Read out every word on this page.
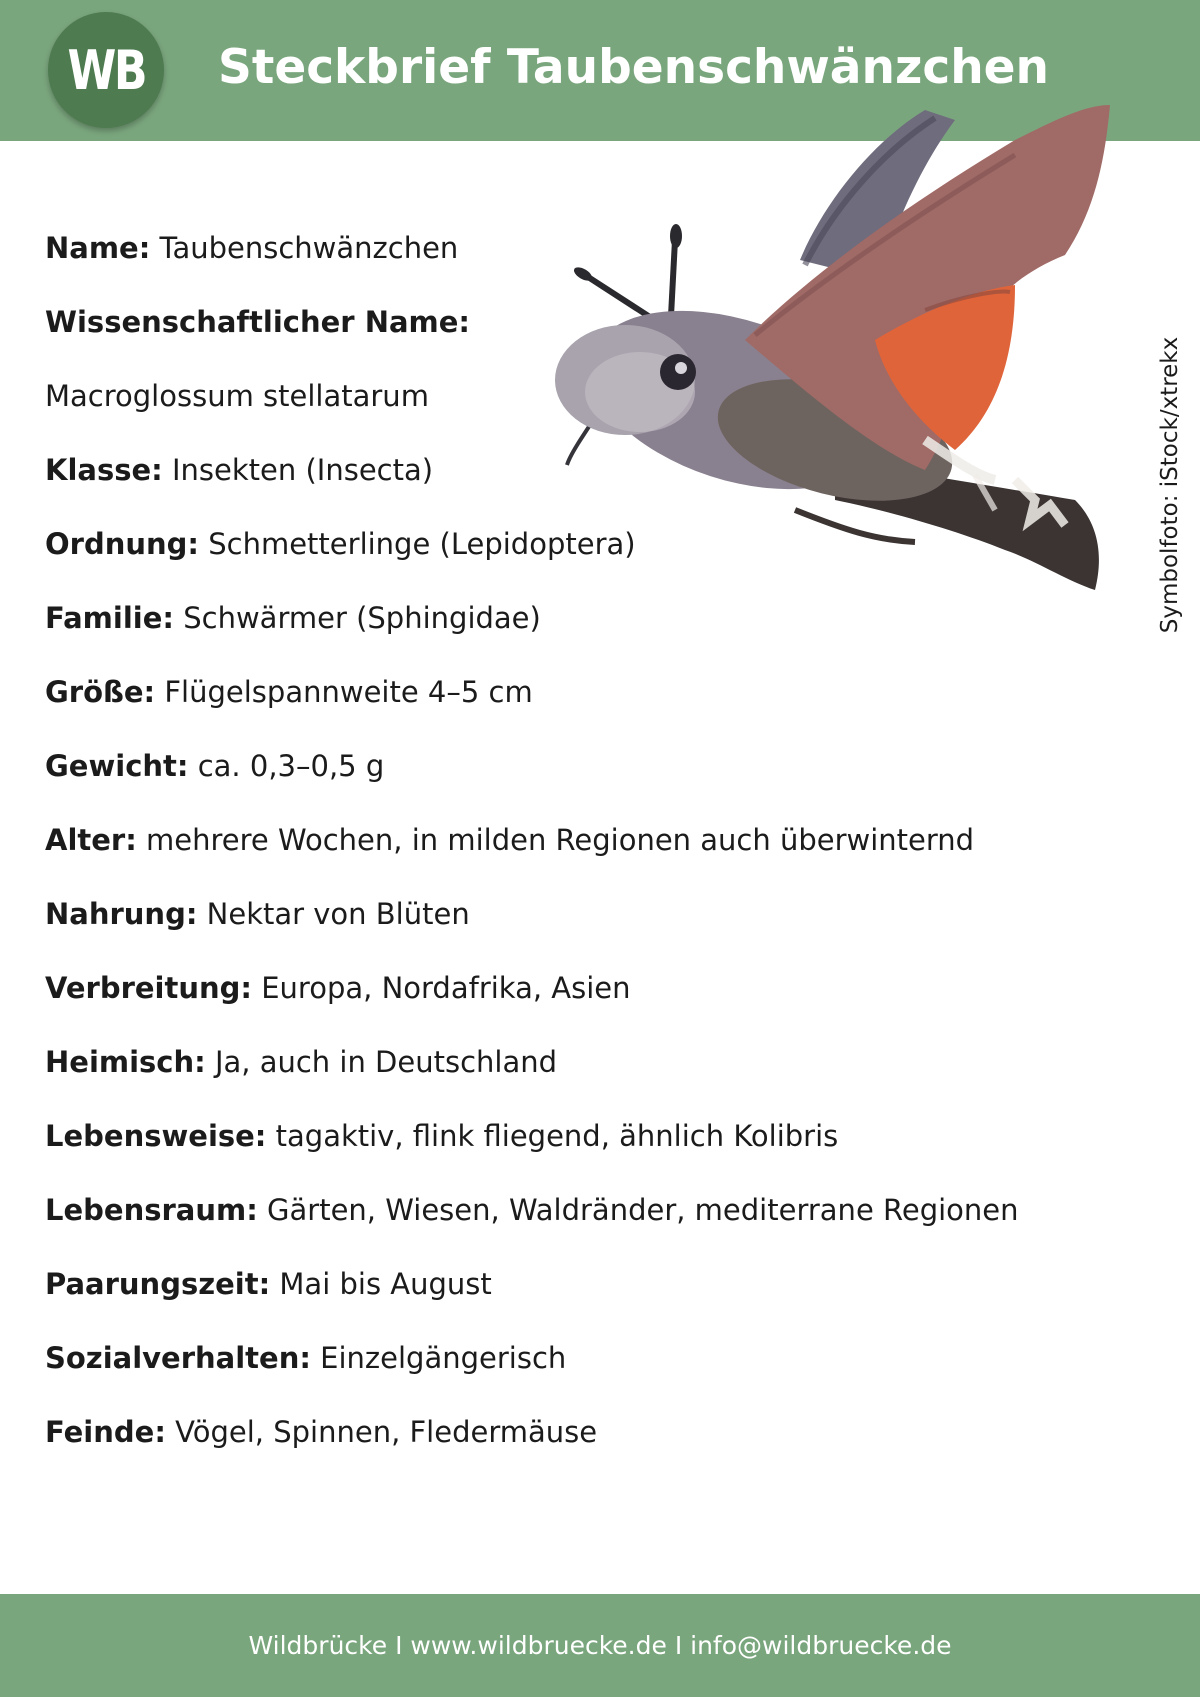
WB Steckbrief Taubenschwänzchen
Symbolfoto: iStock/xtrekx
Name: Taubenschwänzchen
Wissenschaftlicher Name:
Macroglossum stellatarum
Klasse: Insekten (Insecta)
Ordnung: Schmetterlinge (Lepidoptera)
Familie: Schwärmer (Sphingidae)
Größe: Flügelspannweite 4–5 cm
Gewicht: ca. 0,3–0,5 g
Alter: mehrere Wochen, in milden Regionen auch überwinternd
Nahrung: Nektar von Blüten
Verbreitung: Europa, Nordafrika, Asien
Heimisch: Ja, auch in Deutschland
Lebensweise: tagaktiv, flink fliegend, ähnlich Kolibris
Lebensraum: Gärten, Wiesen, Waldränder, mediterrane Regionen
Paarungszeit: Mai bis August
Sozialverhalten: Einzelgängerisch
Feinde: Vögel, Spinnen, Fledermäuse
Wildbrücke I www.wildbruecke.de I info@wildbruecke.de
